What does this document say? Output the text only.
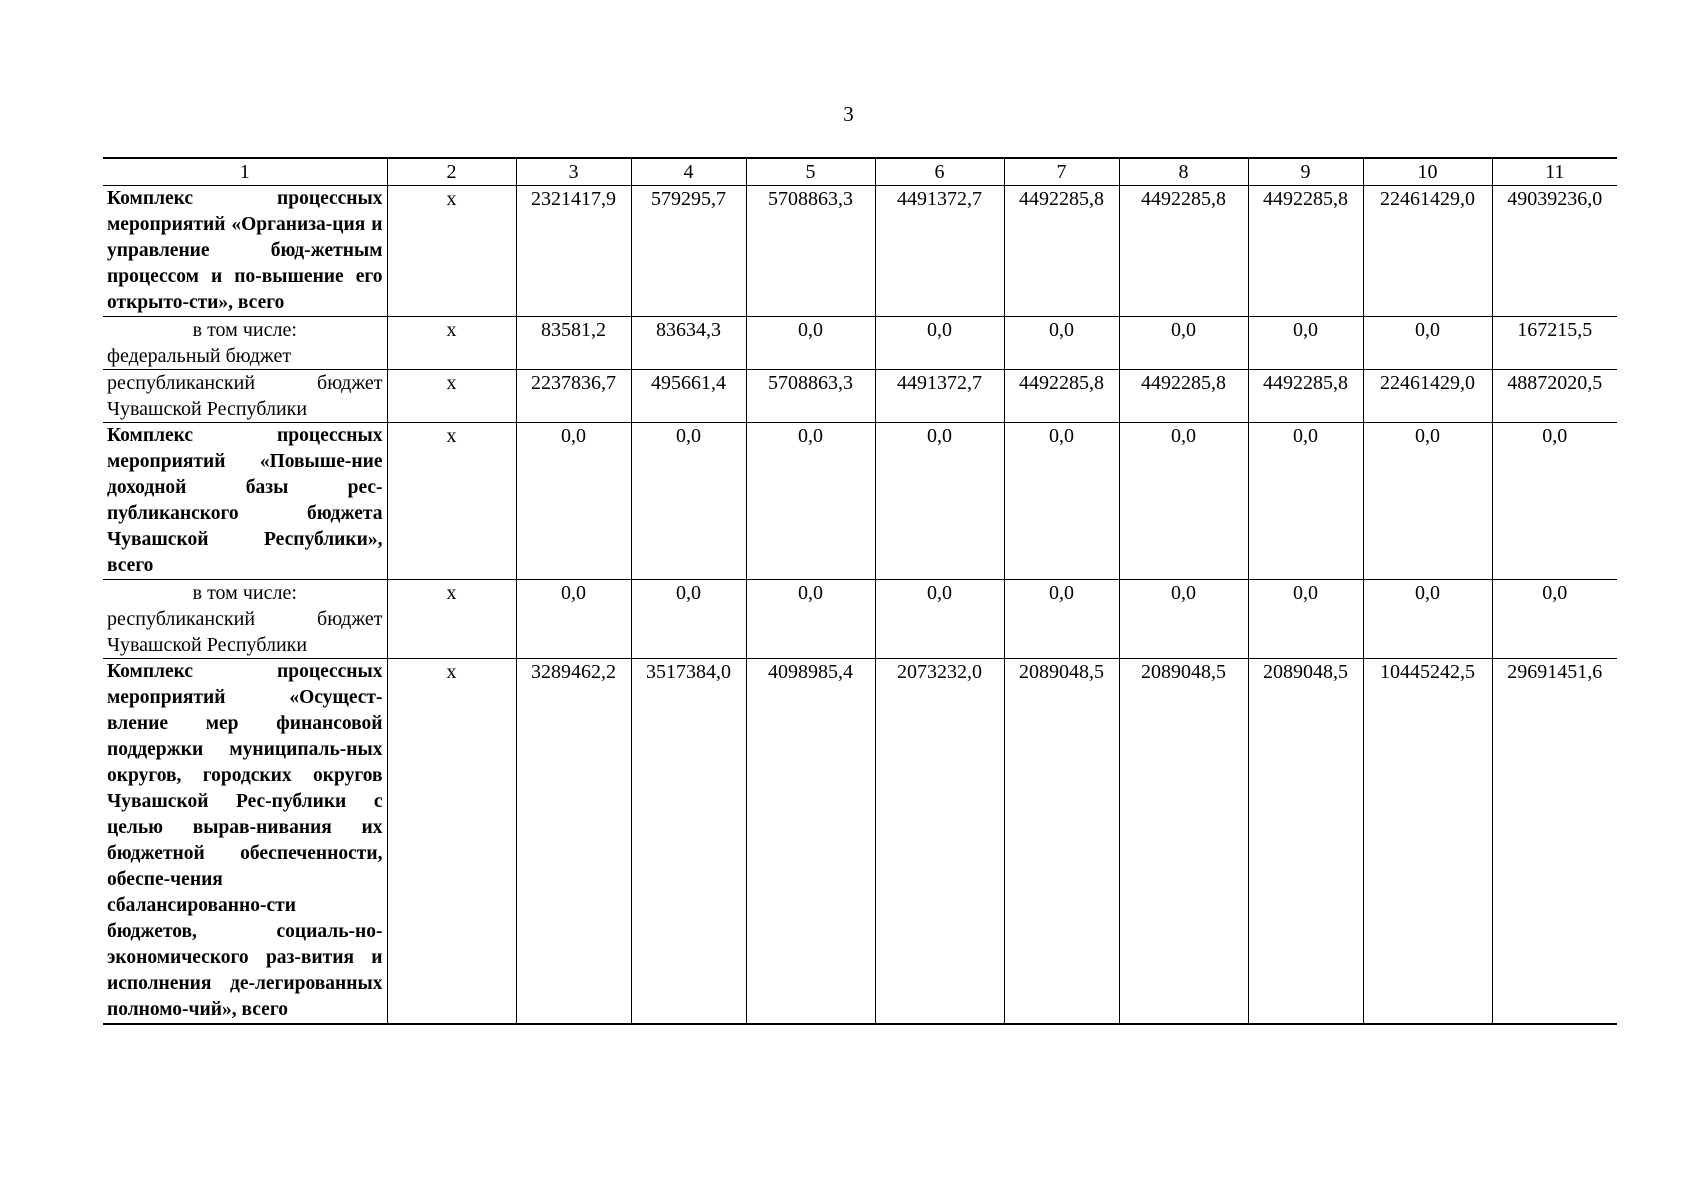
3
1	2	3	4	5	6	7	8	9	10	11
Комплекс процессных мероприятий «Организа-ция и управление бюд-жетным процессом и по-вышение его открыто-сти», всего	х	2321417,9	579295,7	5708863,3	4491372,7	4492285,8	4492285,8	4492285,8	22461429,0	49039236,0

в том числе:
федеральный бюджет	х	83581,2	83634,3	0,0	0,0	0,0	0,0	0,0	0,0	167215,5
республиканский бюджет Чувашской Республики	х	2237836,7	495661,4	5708863,3	4491372,7	4492285,8	4492285,8	4492285,8	22461429,0	48872020,5
Комплекс процессных мероприятий «Повыше-ние доходной базы рес-публиканского бюджета Чувашской Республики», всего	х	0,0	0,0	0,0	0,0	0,0	0,0	0,0	0,0	0,0

в том числе:
республиканский бюджет Чувашской Республики	х	0,0	0,0	0,0	0,0	0,0	0,0	0,0	0,0	0,0
Комплекс процессных мероприятий «Осущест-вление мер финансовой поддержки муниципаль-ных округов, городских округов Чувашской Рес-публики с целью вырав-нивания их бюджетной обеспеченности, обеспе-чения сбалансированно-сти бюджетов, социаль-но-экономического раз-вития и исполнения де-легированных полномо-чий», всего	х	3289462,2	3517384,0	4098985,4	2073232,0	2089048,5	2089048,5	2089048,5	10445242,5	29691451,6
